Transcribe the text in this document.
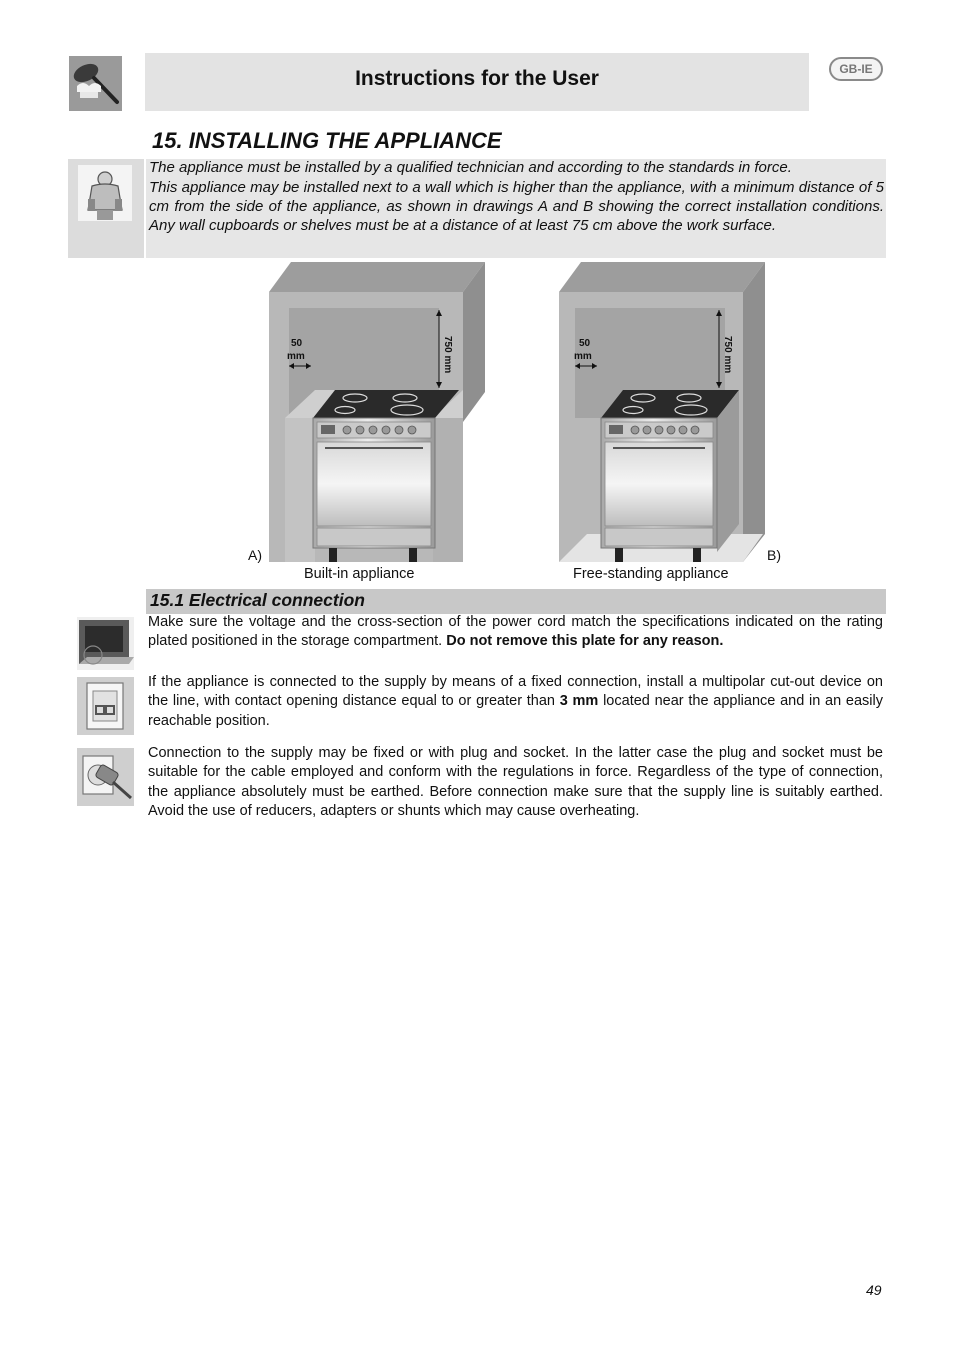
Instructions for the User	GB-IE
15. INSTALLING THE APPLIANCE
The appliance must be installed by a qualified technician and according to the standards in force.
This appliance may be installed next to a wall which is higher than the appliance, with a minimum distance of 5 cm from the side of the appliance, as shown in drawings A and B showing the correct installation conditions. Any wall cupboards or shelves must be at a distance of at least 75 cm above the work surface.
50
mm	750 mm
A)
Built-in appliance
50
mm	750 mm
B)
Free-standing appliance
15.1 Electrical connection
Make sure the voltage and the cross-section of the power cord match the specifications indicated on the rating plated positioned in the storage compartment. Do not remove this plate for any reason.
If the appliance is connected to the supply by means of a fixed connection, install a multipolar cut-out device on the line, with contact opening distance equal to or greater than 3 mm located near the appliance and in an easily reachable position.
Connection to the supply may be fixed or with plug and socket. In the latter case the plug and socket must be suitable for the cable employed and conform with the regulations in force. Regardless of the type of connection, the appliance absolutely must be earthed. Before connection make sure that the supply line is suitably earthed. Avoid the use of reducers, adapters or shunts which may cause overheating.
49
